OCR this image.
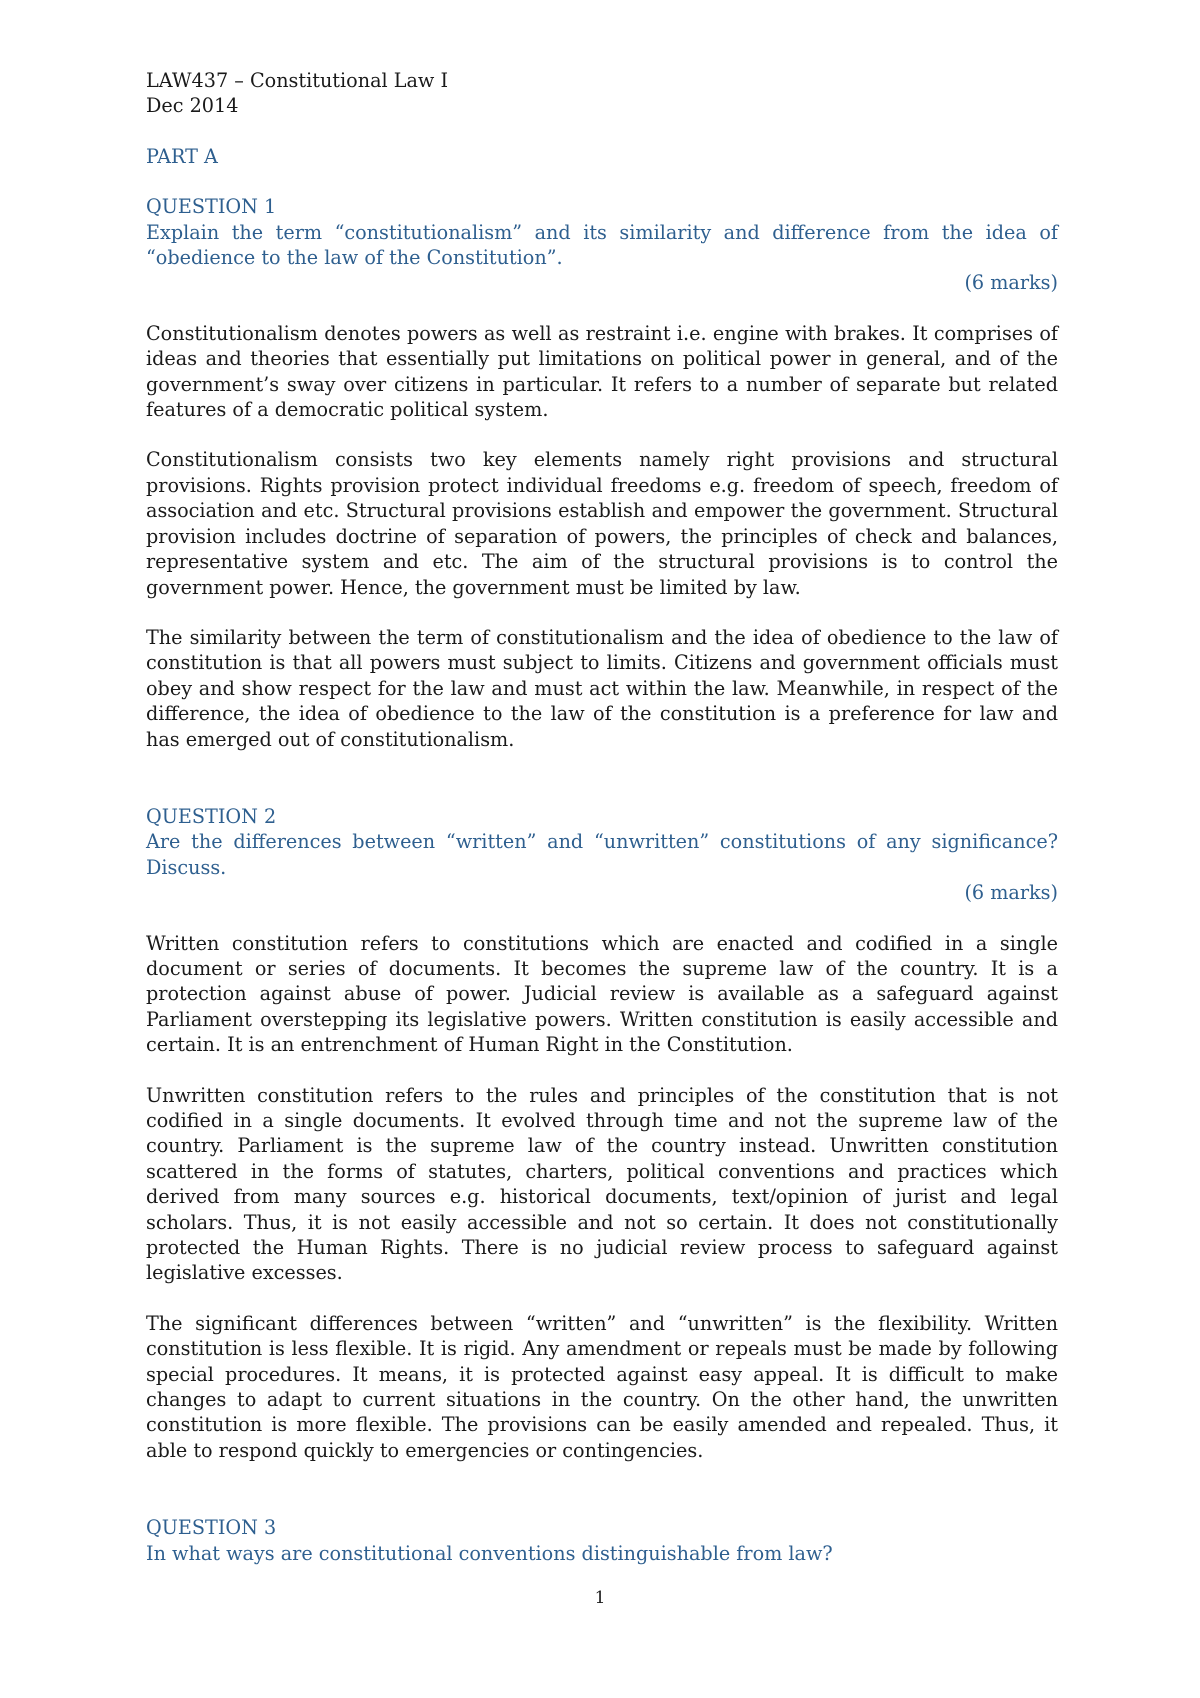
LAW437 – Constitutional Law I

Dec 2014

PART A

QUESTION 1

Explain the term “constitutionalism” and its similarity and difference from the idea of “obedience to the law of the Constitution”.

(6 marks)

Constitutionalism denotes powers as well as restraint i.e. engine with brakes. It comprises of ideas and theories that essentially put limitations on political power in general, and of the government’s sway over citizens in particular. It refers to a number of separate but related features of a democratic political system.

Constitutionalism consists two key elements namely right provisions and structural provisions. Rights provision protect individual freedoms e.g. freedom of speech, freedom of association and etc. Structural provisions establish and empower the government. Structural provision includes doctrine of separation of powers, the principles of check and balances, representative system and etc. The aim of the structural provisions is to control the government power. Hence, the government must be limited by law.

The similarity between the term of constitutionalism and the idea of obedience to the law of constitution is that all powers must subject to limits. Citizens and government officials must obey and show respect for the law and must act within the law. Meanwhile, in respect of the difference, the idea of obedience to the law of the constitution is a preference for law and has emerged out of constitutionalism.

QUESTION 2

Are the differences between “written” and “unwritten” constitutions of any significance? Discuss.

(6 marks)

Written constitution refers to constitutions which are enacted and codified in a single document or series of documents. It becomes the supreme law of the country. It is a protection against abuse of power. Judicial review is available as a safeguard against Parliament overstepping its legislative powers. Written constitution is easily accessible and certain. It is an entrenchment of Human Right in the Constitution.

Unwritten constitution refers to the rules and principles of the constitution that is not codified in a single documents. It evolved through time and not the supreme law of the country. Parliament is the supreme law of the country instead. Unwritten constitution scattered in the forms of statutes, charters, political conventions and practices which derived from many sources e.g. historical documents, text/opinion of jurist and legal scholars. Thus, it is not easily accessible and not so certain. It does not constitutionally protected the Human Rights. There is no judicial review process to safeguard against legislative excesses.

The significant differences between “written” and “unwritten” is the flexibility. Written constitution is less flexible. It is rigid. Any amendment or repeals must be made by following special procedures. It means, it is protected against easy appeal. It is difficult to make changes to adapt to current situations in the country. On the other hand, the unwritten constitution is more flexible. The provisions can be easily amended and repealed. Thus, it able to respond quickly to emergencies or contingencies.

QUESTION 3

In what ways are constitutional conventions distinguishable from law?

1
